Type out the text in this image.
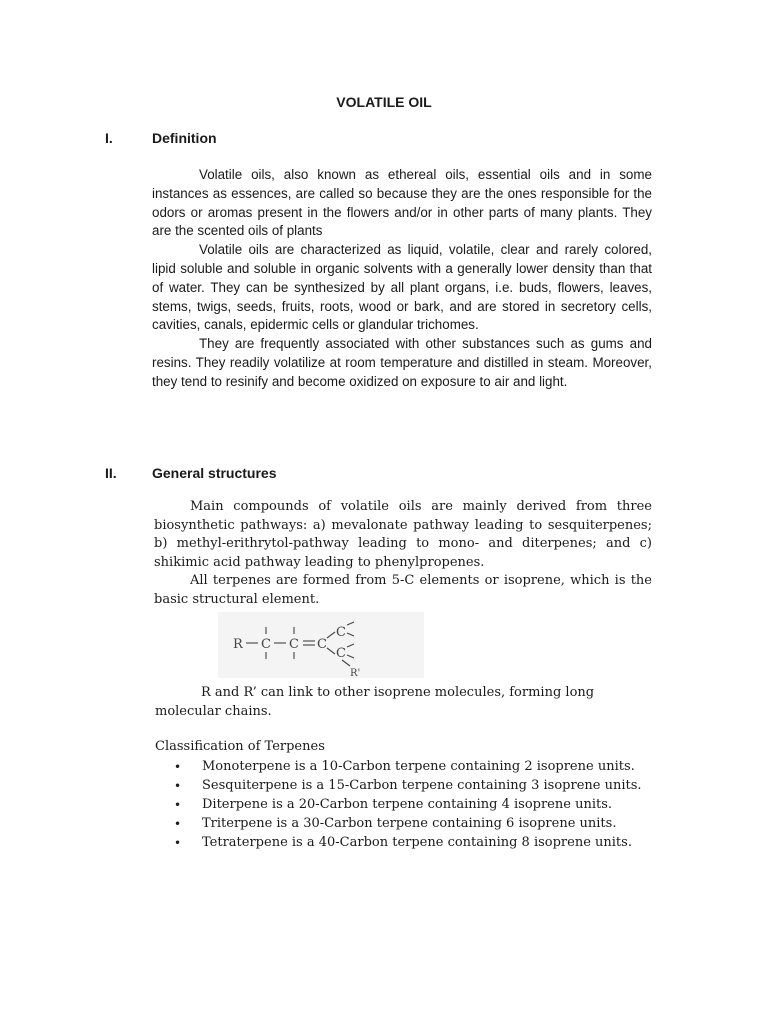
VOLATILE OIL
I.	Definition

Volatile oils, also known as ethereal oils, essential oils and in some instances as essences, are called so because they are the ones responsible for the odors or aromas present in the flowers and/or in other parts of many plants. They are the scented oils of plants

Volatile oils are characterized as liquid, volatile, clear and rarely colored, lipid soluble and soluble in organic solvents with a generally lower density than that of water. They can be synthesized by all plant organs, i.e. buds, flowers, leaves, stems, twigs, seeds, fruits, roots, wood or bark, and are stored in secretory cells, cavities, canals, epidermic cells or glandular trichomes.

They are frequently associated with other substances such as gums and resins. They readily volatilize at room temperature and distilled in steam. Moreover, they tend to resinify and become oxidized on exposure to air and light.

II.	General structures

Main compounds of volatile oils are mainly derived from three biosynthetic pathways: a) mevalonate pathway leading to sesquiterpenes; b) methyl-erithrytol-pathway leading to mono- and diterpenes; and c) shikimic acid pathway leading to phenylpropenes.

All terpenes are formed from 5-C elements or isoprene, which is the basic structural element.

R C C C
C
C
R'
R and R’ can link to other isoprene molecules, forming long molecular chains.
Classification of Terpenes
• Monoterpene is a 10-Carbon terpene containing 2 isoprene units.
• Sesquiterpene is a 15-Carbon terpene containing 3 isoprene units.
• Diterpene is a 20-Carbon terpene containing 4 isoprene units.
• Triterpene is a 30-Carbon terpene containing 6 isoprene units.
• Tetraterpene is a 40-Carbon terpene containing 8 isoprene units.
